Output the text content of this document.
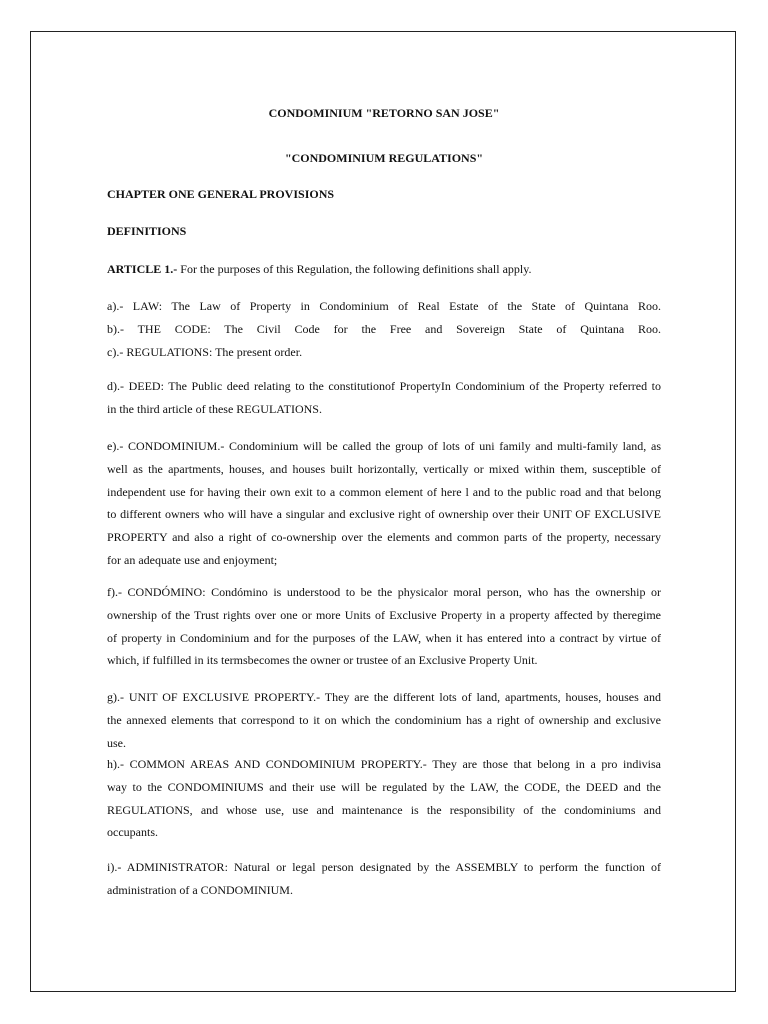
CONDOMINIUM "RETORNO SAN JOSE"
"CONDOMINIUM REGULATIONS"
CHAPTER ONE GENERAL PROVISIONS
DEFINITIONS
ARTICLE 1.- For the purposes of this Regulation, the following definitions shall apply.
a).- LAW: The Law of Property in Condominium of Real Estate of the State of Quintana Roo.
b).- THE CODE: The Civil Code for the Free and Sovereign State of Quintana Roo.
c).- REGULATIONS: The present order.
d).- DEED: The Public deed relating to the constitutionof PropertyIn Condominium of the Property referred to
in the third article of these REGULATIONS.
e).- CONDOMINIUM.- Condominium will be called the group of lots of uni family and multi-family land, as
well as the apartments, houses, and houses built horizontally, vertically or mixed within them, susceptible of
independent use for having their own exit to a common element of here l and to the public road and that belong
to different owners who will have a singular and exclusive right of ownership over their UNIT OF EXCLUSIVE
PROPERTY and also a right of co-ownership over the elements and common parts of the property, necessary
for an adequate use and enjoyment;
f).- CONDÓMINO: Condómino is understood to be the physicalor moral person, who has the ownership or
ownership of the Trust rights over one or more Units of Exclusive Property in a property affected by theregime
of property in Condominium and for the purposes of the LAW, when it has entered into a contract by virtue of
which, if fulfilled in its termsbecomes the owner or trustee of an Exclusive Property Unit.
g).- UNIT OF EXCLUSIVE PROPERTY.- They are the different lots of land, apartments, houses, houses and
the annexed elements that correspond to it on which the condominium has a right of ownership and exclusive
use.
h).- COMMON AREAS AND CONDOMINIUM PROPERTY.- They are those that belong in a pro indivisa
way to the CONDOMINIUMS and their use will be regulated by the LAW, the CODE, the DEED and the
REGULATIONS, and whose use, use and maintenance is the responsibility of the condominiums and
occupants.
i).- ADMINISTRATOR: Natural or legal person designated by the ASSEMBLY to perform the function of
administration of a CONDOMINIUM.
